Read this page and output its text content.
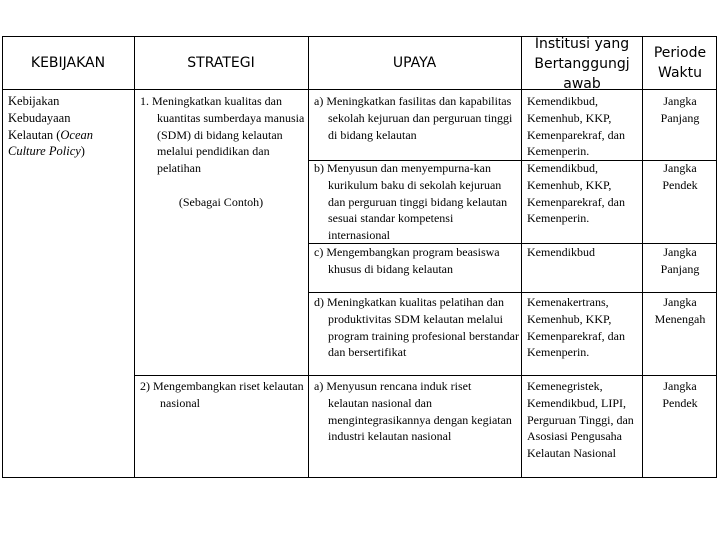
KEBIJAKAN	STRATEGI	UPAYA
Institusi yang Bertanggungj awab
Periode Waktu
Kebijakan
Kebudayaan
Kelautan (Ocean
Culture Policy)
1. Meningkatkan kualitas dan kuantitas sumberdaya manusia (SDM) di bidang kelautan melalui pendidikan dan pelatihan
(Sebagai Contoh)
2) Mengembangkan riset kelautan nasional
a) Meningkatkan fasilitas dan kapabilitas sekolah kejuruan dan perguruan tinggi di bidang kelautan
b) Menyusun dan menyempurna-kan kurikulum baku di sekolah kejuruan dan perguruan tinggi bidang kelautan sesuai standar kompetensi internasional
c) Mengembangkan program beasiswa khusus di bidang kelautan
d) Meningkatkan kualitas pelatihan dan produktivitas SDM kelautan melalui program training profesional berstandar dan bersertifikat
a) Menyusun rencana induk riset kelautan nasional dan mengintegrasikannya dengan kegiatan industri kelautan nasional
Kemendikbud, Kemenhub, KKP, Kemenparekraf, dan Kemenperin.
Kemendikbud, Kemenhub, KKP, Kemenparekraf, dan Kemenperin.
Kemendikbud
Kemenakertrans, Kemenhub, KKP, Kemenparekraf, dan Kemenperin.
Kemenegristek, Kemendikbud, LIPI, Perguruan Tinggi, dan Asosiasi Pengusaha Kelautan Nasional
Jangka Panjang
Jangka Pendek
Jangka Panjang
Jangka Menengah
Jangka Pendek
